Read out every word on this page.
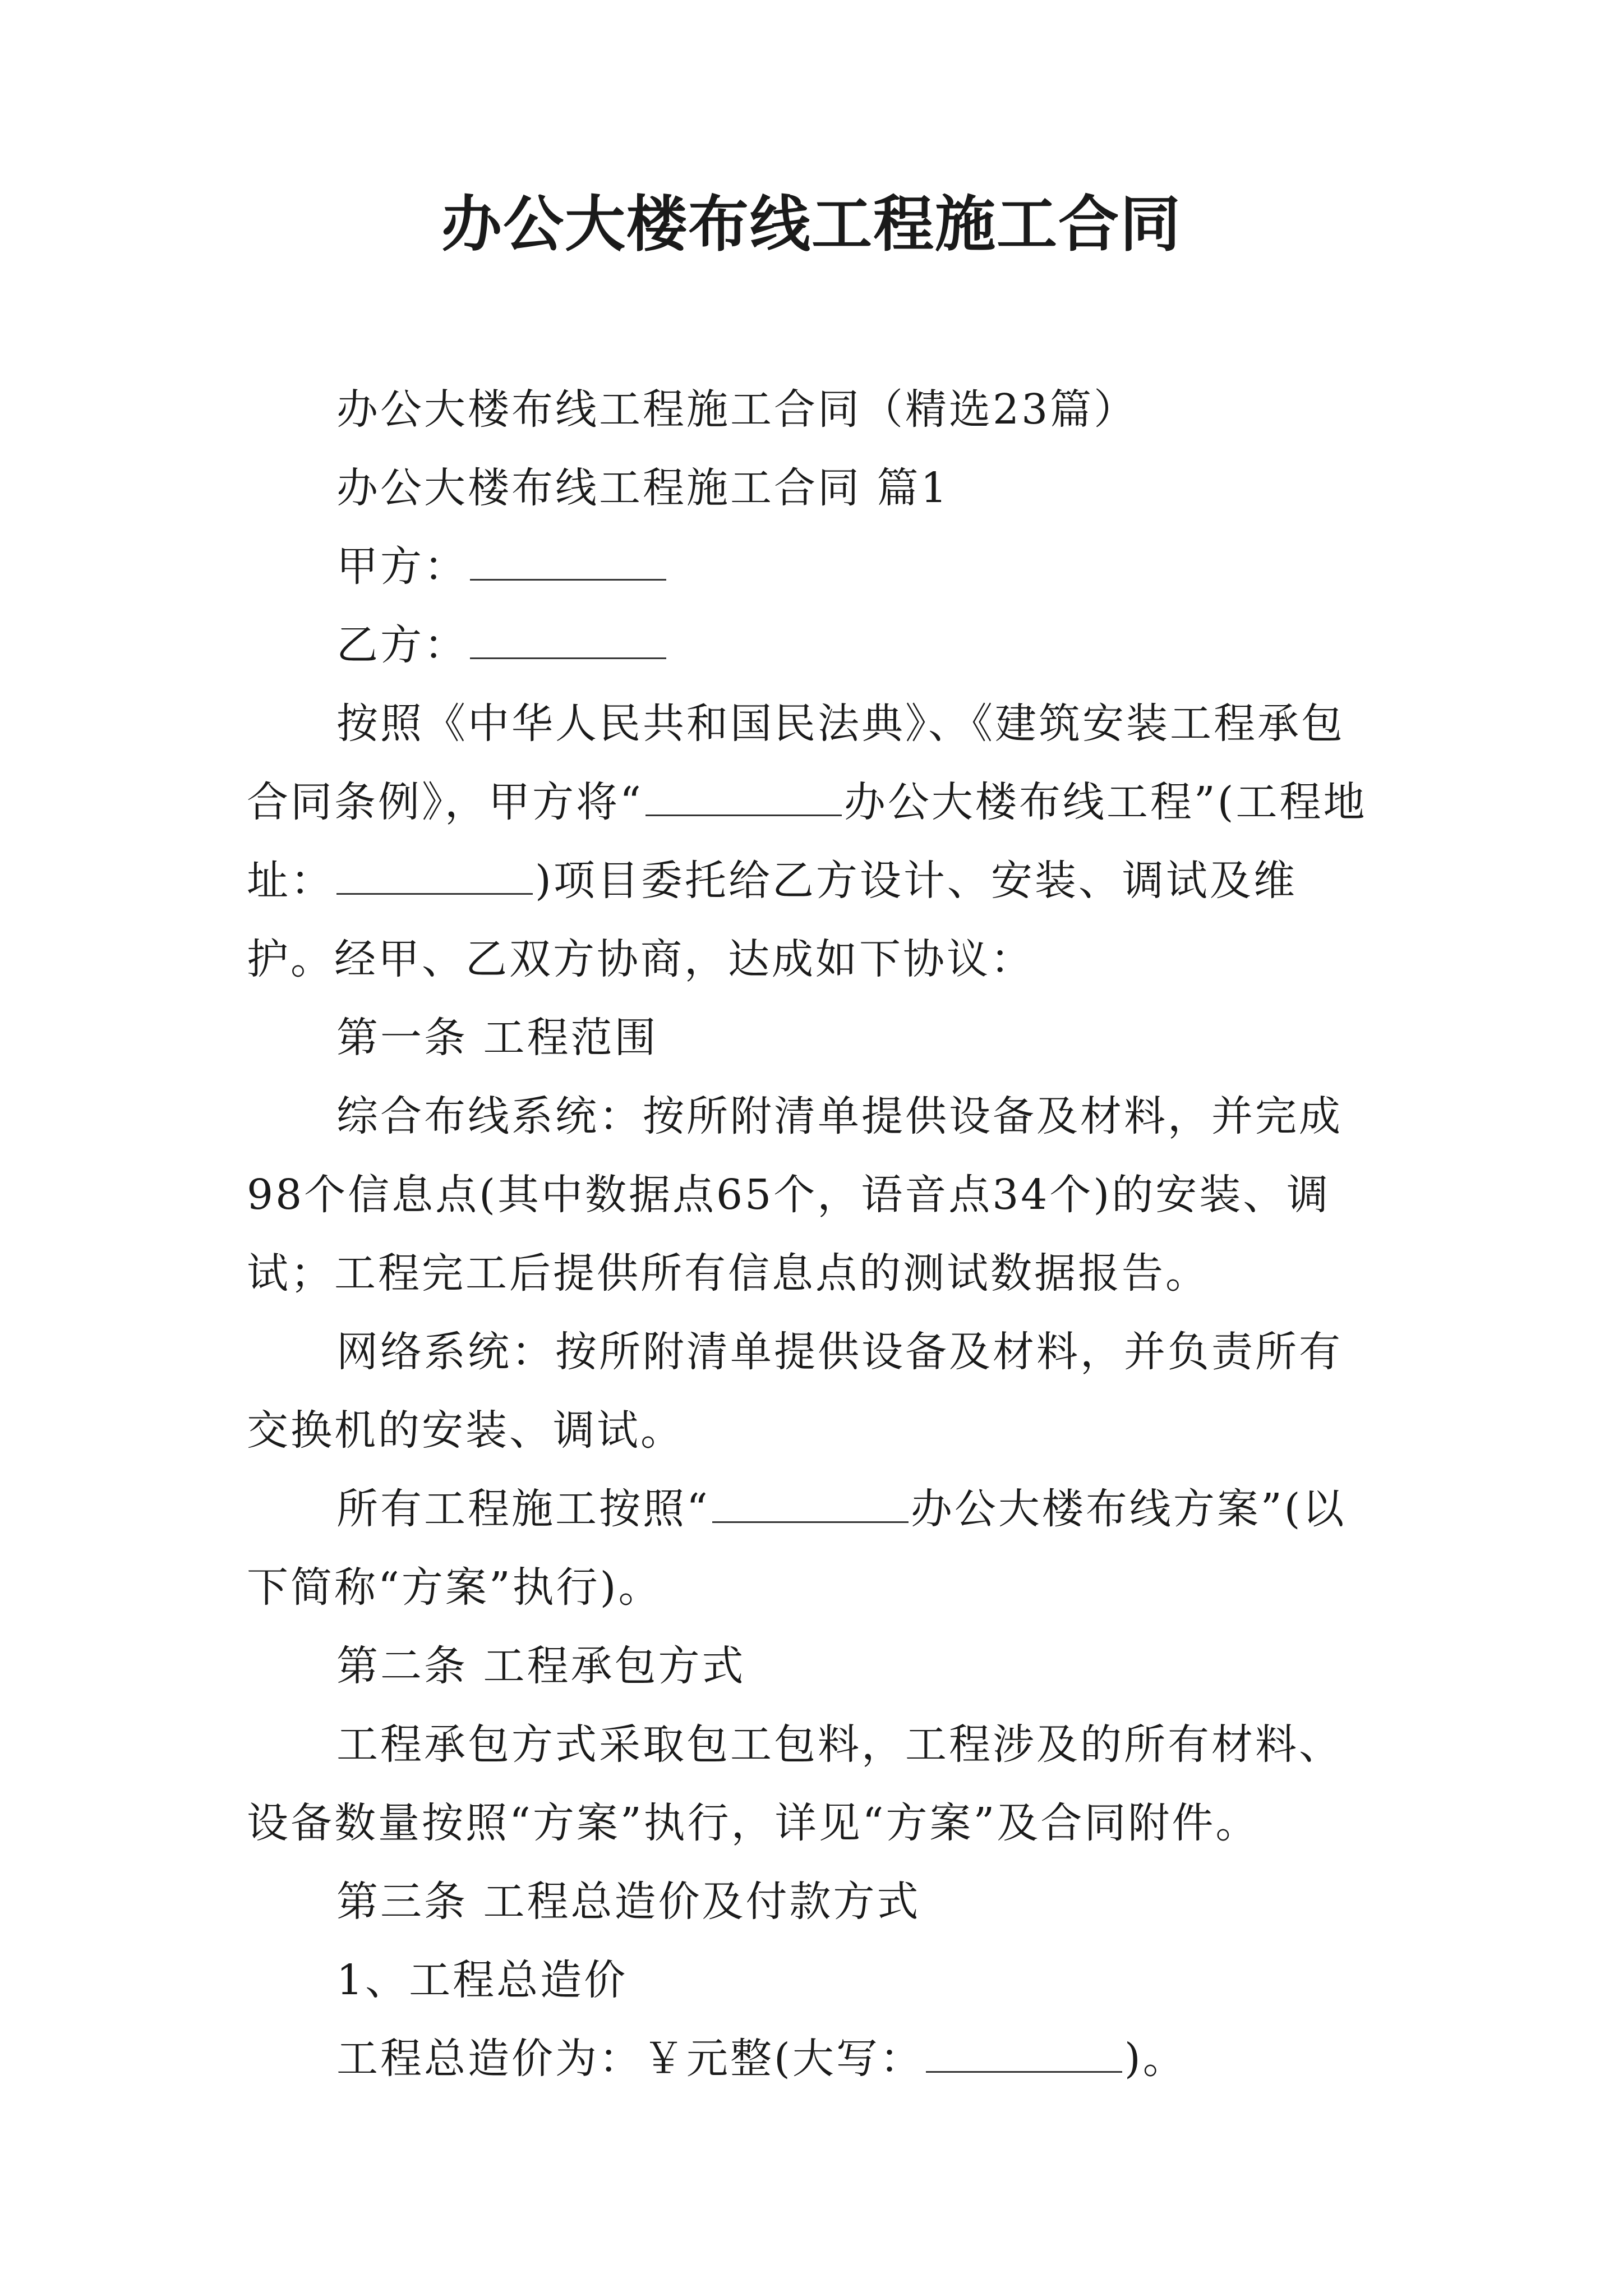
办公大楼布线工程施工合同

办公大楼布线工程施工合同（精选23篇）

办公大楼布线工程施工合同 篇1

甲方：

乙方：

按照《中华人民共和国民法典》、《建筑安装工程承包合同条例》，甲方将“	办公大楼布线工程”(工程地址：	)项目委托给乙方设计、安装、调试及维护。经甲、乙双方协商，达成如下协议：

第一条 工程范围

综合布线系统：按所附清单提供设备及材料，并完成98个信息点(其中数据点65个，语音点34个)的安装、调试；工程完工后提供所有信息点的测试数据报告。

网络系统：按所附清单提供设备及材料，并负责所有交换机的安装、调试。

所有工程施工按照“	办公大楼布线方案”(以下简称“方案”执行)。

第二条 工程承包方式

工程承包方式采取包工包料，工程涉及的所有材料、设备数量按照“方案”执行，详见“方案”及合同附件。

第三条 工程总造价及付款方式

1、工程总造价

工程总造价为：￥元整(大写：	)。
